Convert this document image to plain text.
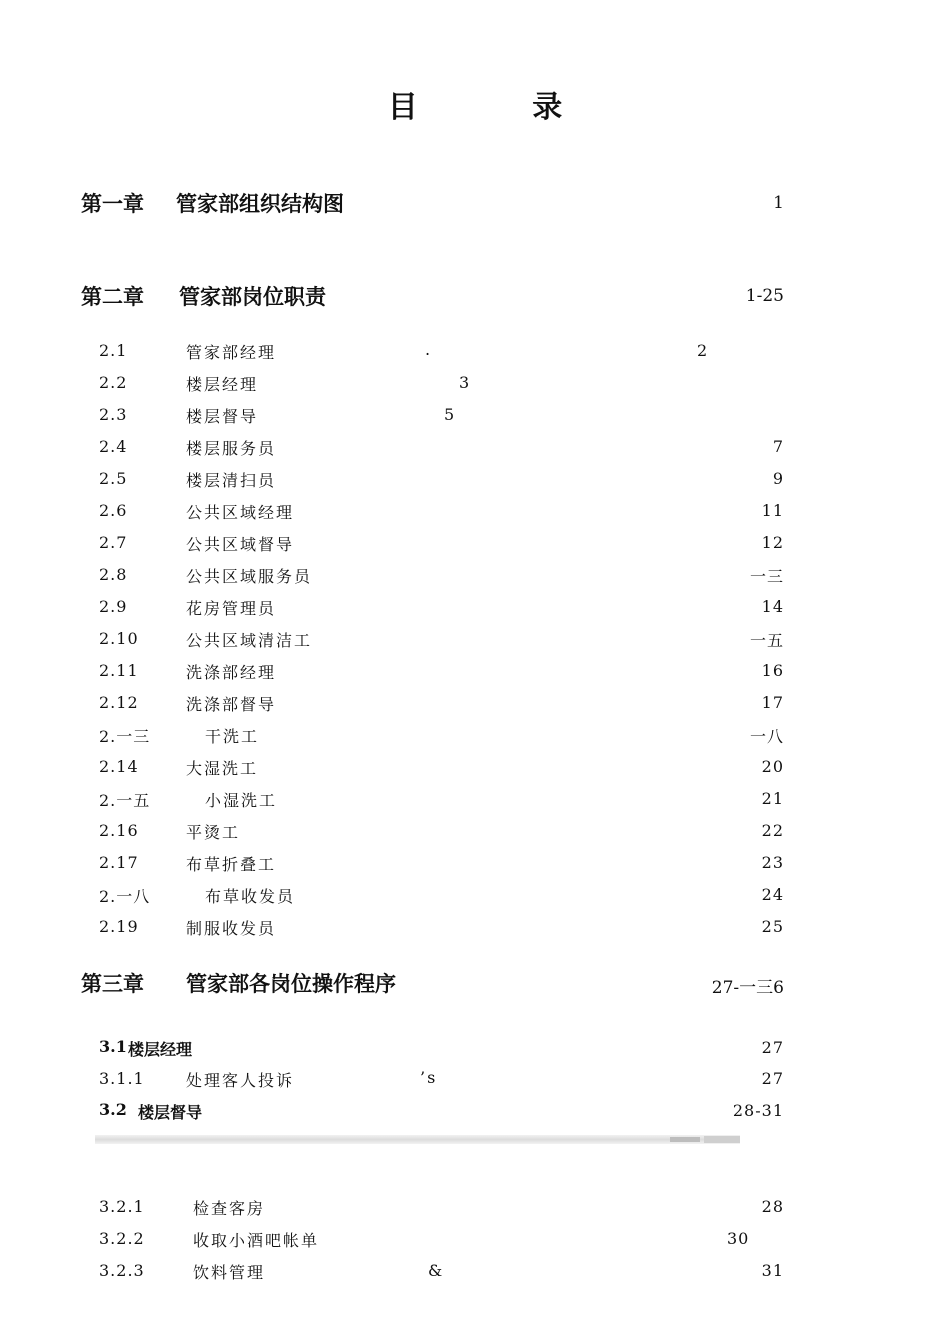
目 录
第一章 管家部组织结构图	1
第二章 管家部岗位职责	1-25
2.1	管家部经理	.	2
2.2	楼层经理	3
2.3	楼层督导	5
2.4	楼层服务员	7
2.5	楼层清扫员	9
2.6	公共区域经理	11
2.7	公共区域督导	12
2.8	公共区域服务员	一三
2.9	花房管理员	14
2.10	公共区域清洁工	一五
2.11	洗涤部经理	16
2.12	洗涤部督导	17
2.一三	干洗工	一八
2.14	大湿洗工	20
2.一五	小湿洗工	21
2.16	平烫工	22
2.17	布草折叠工	23
2.一八	布草收发员	24
2.19	制服收发员	25
第三章 管家部各岗位操作程序	27-一三6
3.1 楼层经理	27
3.1.1	处理客人投诉	’s	27
3.2 楼层督导	28-31
3.2.1	检查客房	28
3.2.2	收取小酒吧帐单	30
3.2.3	饮料管理	&	31
